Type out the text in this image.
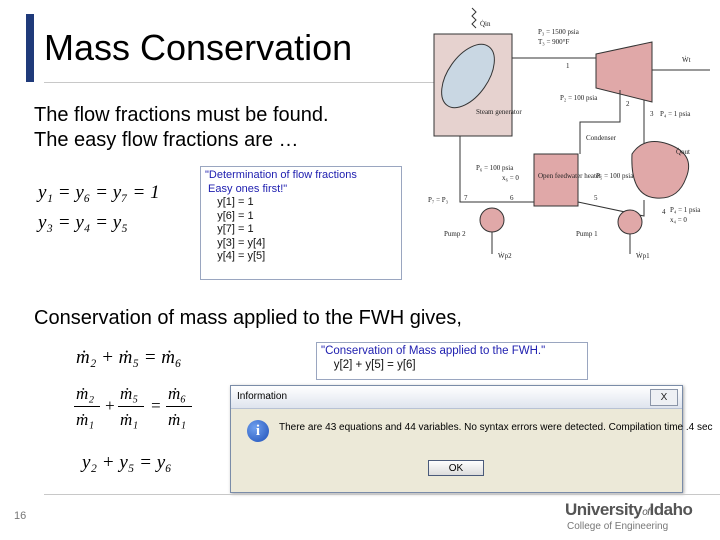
Mass Conservation
The flow fractions must be found.
The easy flow fractions are …
y₁ = y₆ = y₇ = 1
y₃ = y₄ = y₅
"Determination of flow fractions
Easy ones first!"
y[1] = 1
y[6] = 1
y[7] = 1
y[3] = y[4]
y[4] = y[5]
Conservation of mass applied to the FWH gives,
ṁ₂ + ṁ₅ = ṁ₆
ṁ₂
ṁ₁
+
ṁ₅
ṁ₁
=
ṁ₆
ṁ₁
y₂ + y₅ = y₆
"Conservation of Mass applied to the FWH."
y[2] + y[5] = y[6]
Information	X
i	There are 43 equations and 44 variables. No syntax errors were detected. Compilation time .4 sec
OK
Q̇in
Steam generator
P₃ = 1500 psia
T₃ = 900°F
Ẇt
1
P₂ = 100 psia
2
3 P₄ = 1 psia
Condenser
Q̇out
Open feedwater heater
P₆ = 100 psia
x₆ = 0	P₅ = 100 psia
P₇ = P₃ 7	6	5
4 P₄ = 1 psia
x₄ = 0
Pump 2	Pump 1
Ẇp2	Ẇp1
16	UniversityofIdaho
College of Engineering
